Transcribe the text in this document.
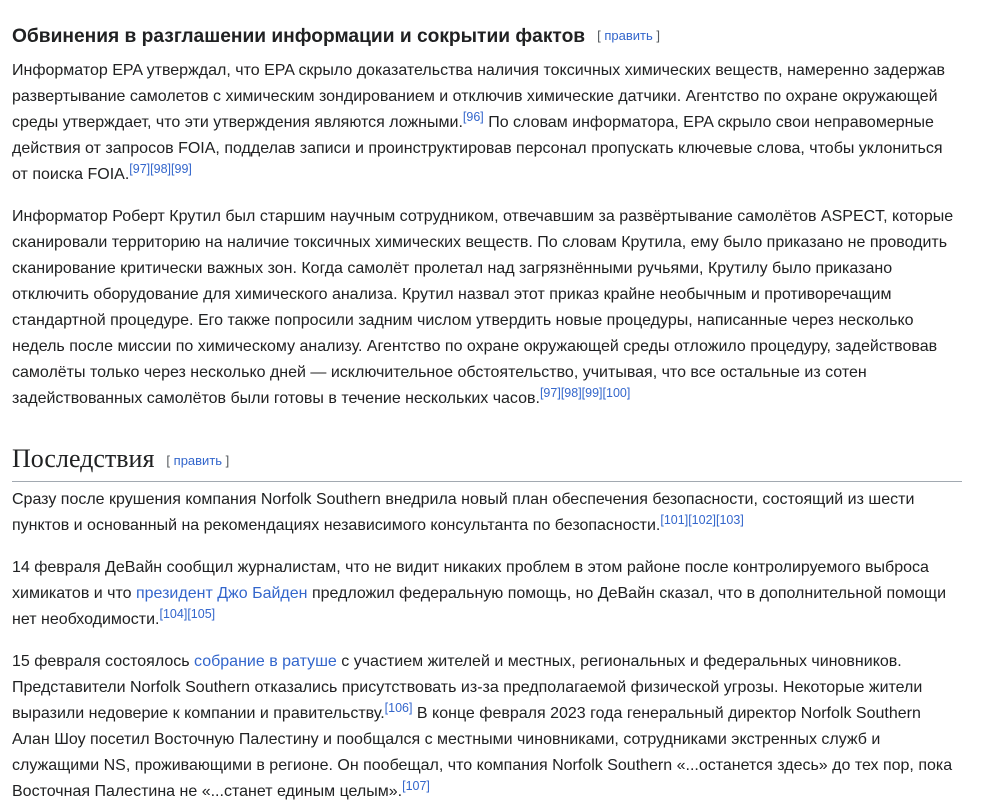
Обвинения в разглашении информации и сокрытии фактов [ править ]

Информатор EPA утверждал, что EPA скрыло доказательства наличия токсичных химических веществ, намеренно задержав развертывание самолетов с химическим зондированием и отключив химические датчики. Агентство по охране окружающей среды утверждает, что эти утверждения являются ложными.[96] По словам информатора, EPA скрыло свои неправомерные действия от запросов FOIA, подделав записи и проинструктировав персонал пропускать ключевые слова, чтобы уклониться от поиска FOIA.[97][98][99]

Информатор Роберт Крутил был старшим научным сотрудником, отвечавшим за развёртывание самолётов ASPECT, которые сканировали территорию на наличие токсичных химических веществ. По словам Крутила, ему было приказано не проводить сканирование критически важных зон. Когда самолёт пролетал над загрязнёнными ручьями, Крутилу было приказано отключить оборудование для химического анализа. Крутил назвал этот приказ крайне необычным и противоречащим стандартной процедуре. Его также попросили задним числом утвердить новые процедуры, написанные через несколько недель после миссии по химическому анализу. Агентство по охране окружающей среды отложило процедуру, задействовав самолёты только через несколько дней — исключительное обстоятельство, учитывая, что все остальные из сотен задействованных самолётов были готовы в течение нескольких часов.[97][98][99][100]

Последствия [ править ]

Сразу после крушения компания Norfolk Southern внедрила новый план обеспечения безопасности, состоящий из шести пунктов и основанный на рекомендациях независимого консультанта по безопасности.[101][102][103]

14 февраля ДеВайн сообщил журналистам, что не видит никаких проблем в этом районе после контролируемого выброса химикатов и что президент Джо Байден предложил федеральную помощь, но ДеВайн сказал, что в дополнительной помощи нет необходимости.[104][105]

15 февраля состоялось собрание в ратуше с участием жителей и местных, региональных и федеральных чиновников. Представители Norfolk Southern отказались присутствовать из-за предполагаемой физической угрозы. Некоторые жители выразили недоверие к компании и правительству.[106] В конце февраля 2023 года генеральный директор Norfolk Southern Алан Шоу посетил Восточную Палестину и пообщался с местными чиновниками, сотрудниками экстренных служб и служащими NS, проживающими в регионе. Он пообещал, что компания Norfolk Southern «...останется здесь» до тех пор, пока Восточная Палестина не «...станет единым целым».[107]
